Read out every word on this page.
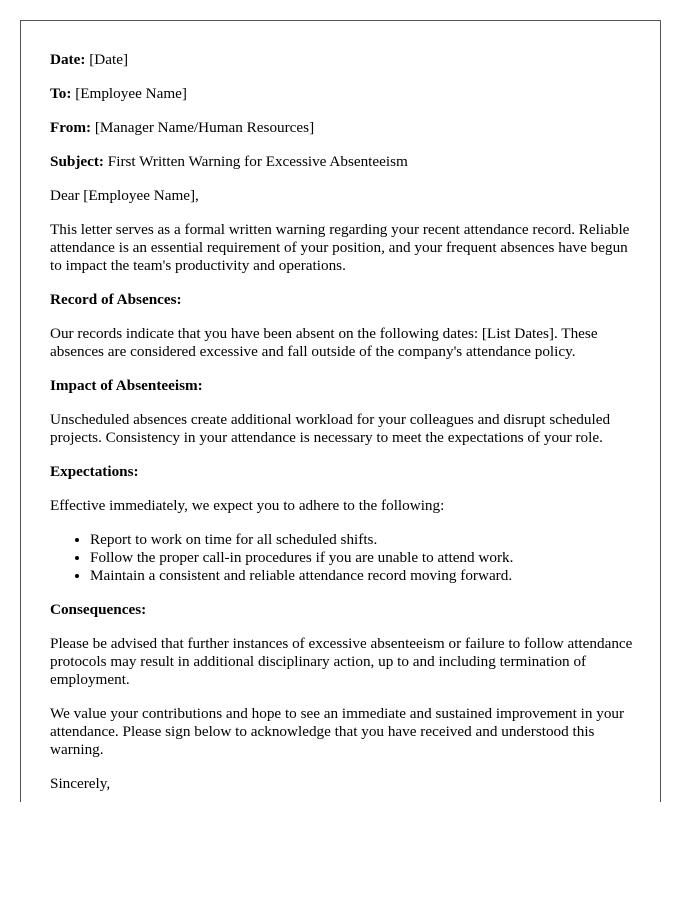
Date: [Date]

To: [Employee Name]

From: [Manager Name/Human Resources]

Subject: First Written Warning for Excessive Absenteeism

Dear [Employee Name],

This letter serves as a formal written warning regarding your recent attendance record. Reliable attendance is an essential requirement of your position, and your frequent absences have begun to impact the team's productivity and operations.

Record of Absences:

Our records indicate that you have been absent on the following dates: [List Dates]. These absences are considered excessive and fall outside of the company's attendance policy.

Impact of Absenteeism:

Unscheduled absences create additional workload for your colleagues and disrupt scheduled projects. Consistency in your attendance is necessary to meet the expectations of your role.

Expectations:

Effective immediately, we expect you to adhere to the following:

• Report to work on time for all scheduled shifts.
• Follow the proper call-in procedures if you are unable to attend work.
• Maintain a consistent and reliable attendance record moving forward.
Consequences:

Please be advised that further instances of excessive absenteeism or failure to follow attendance protocols may result in additional disciplinary action, up to and including termination of employment.

We value your contributions and hope to see an immediate and sustained improvement in your attendance. Please sign below to acknowledge that you have received and understood this warning.

Sincerely,
